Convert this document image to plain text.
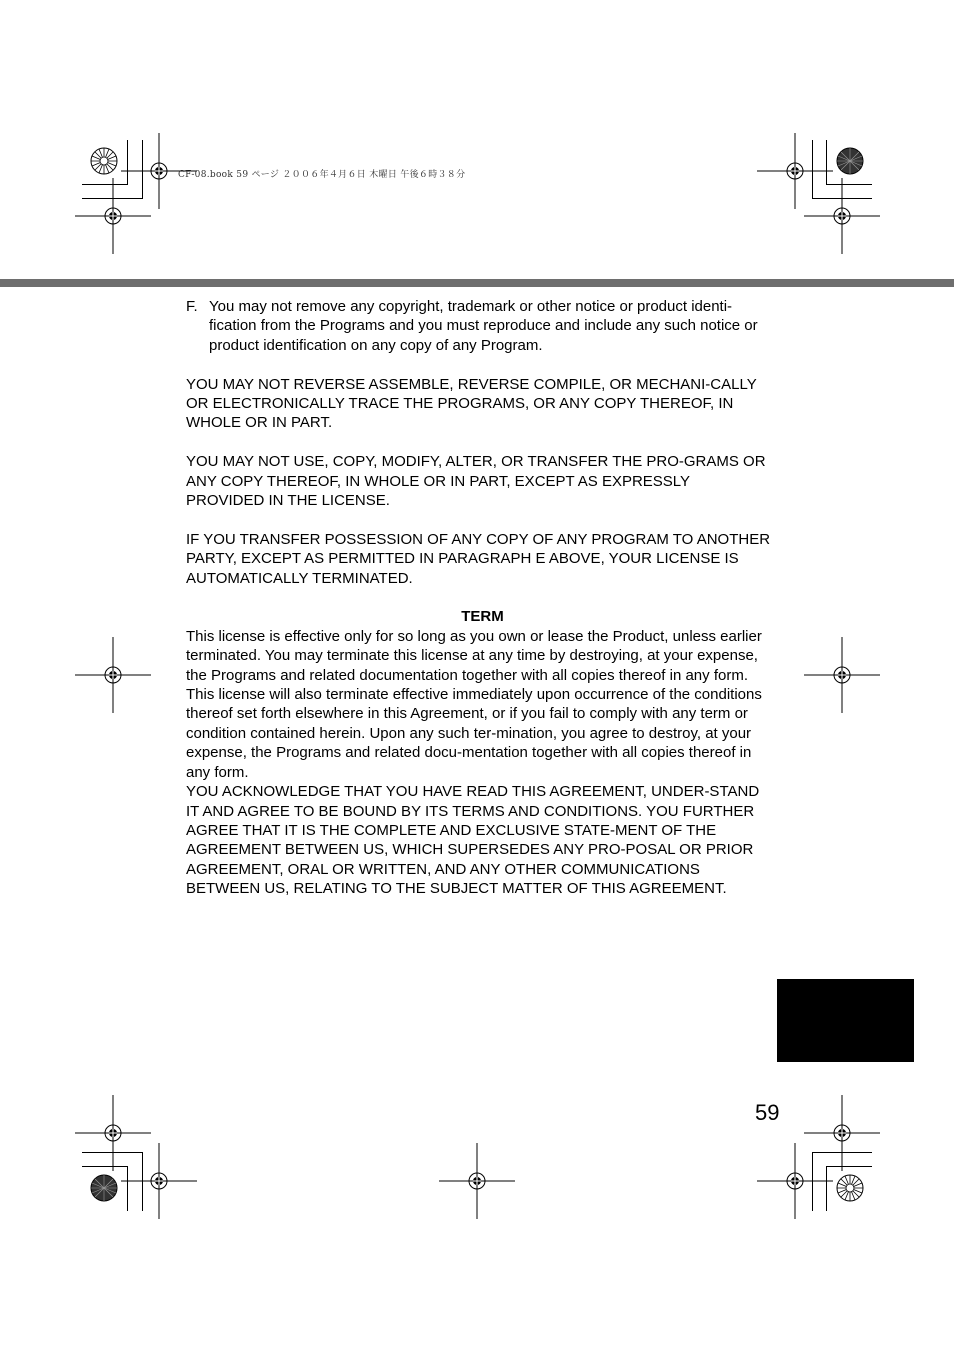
CF-08.book 59 ページ ２００６年４月６日 木曜日 午後６時３８分

F. You may not remove any copyright, trademark or other notice or product identi-fication from the Programs and you must reproduce and include any such notice or product identification on any copy of any Program.

YOU MAY NOT REVERSE ASSEMBLE, REVERSE COMPILE, OR MECHANI-CALLY OR ELECTRONICALLY TRACE THE PROGRAMS, OR ANY COPY THEREOF, IN WHOLE OR IN PART.

YOU MAY NOT USE, COPY, MODIFY, ALTER, OR TRANSFER THE PRO-GRAMS OR ANY COPY THEREOF, IN WHOLE OR IN PART, EXCEPT AS EXPRESSLY PROVIDED IN THE LICENSE.

IF YOU TRANSFER POSSESSION OF ANY COPY OF ANY PROGRAM TO ANOTHER PARTY, EXCEPT AS PERMITTED IN PARAGRAPH E ABOVE, YOUR LICENSE IS AUTOMATICALLY TERMINATED.

TERM

This license is effective only for so long as you own or lease the Product, unless earlier terminated. You may terminate this license at any time by destroying, at your expense, the Programs and related documentation together with all copies thereof in any form. This license will also terminate effective immediately upon occurrence of the conditions thereof set forth elsewhere in this Agreement, or if you fail to comply with any term or condition contained herein. Upon any such ter-mination, you agree to destroy, at your expense, the Programs and related docu-mentation together with all copies thereof in any form.

YOU ACKNOWLEDGE THAT YOU HAVE READ THIS AGREEMENT, UNDER-STAND IT AND AGREE TO BE BOUND BY ITS TERMS AND CONDITIONS. YOU FURTHER AGREE THAT IT IS THE COMPLETE AND EXCLUSIVE STATE-MENT OF THE AGREEMENT BETWEEN US, WHICH SUPERSEDES ANY PRO-POSAL OR PRIOR AGREEMENT, ORAL OR WRITTEN, AND ANY OTHER COMMUNICATIONS BETWEEN US, RELATING TO THE SUBJECT MATTER OF THIS AGREEMENT.

59
